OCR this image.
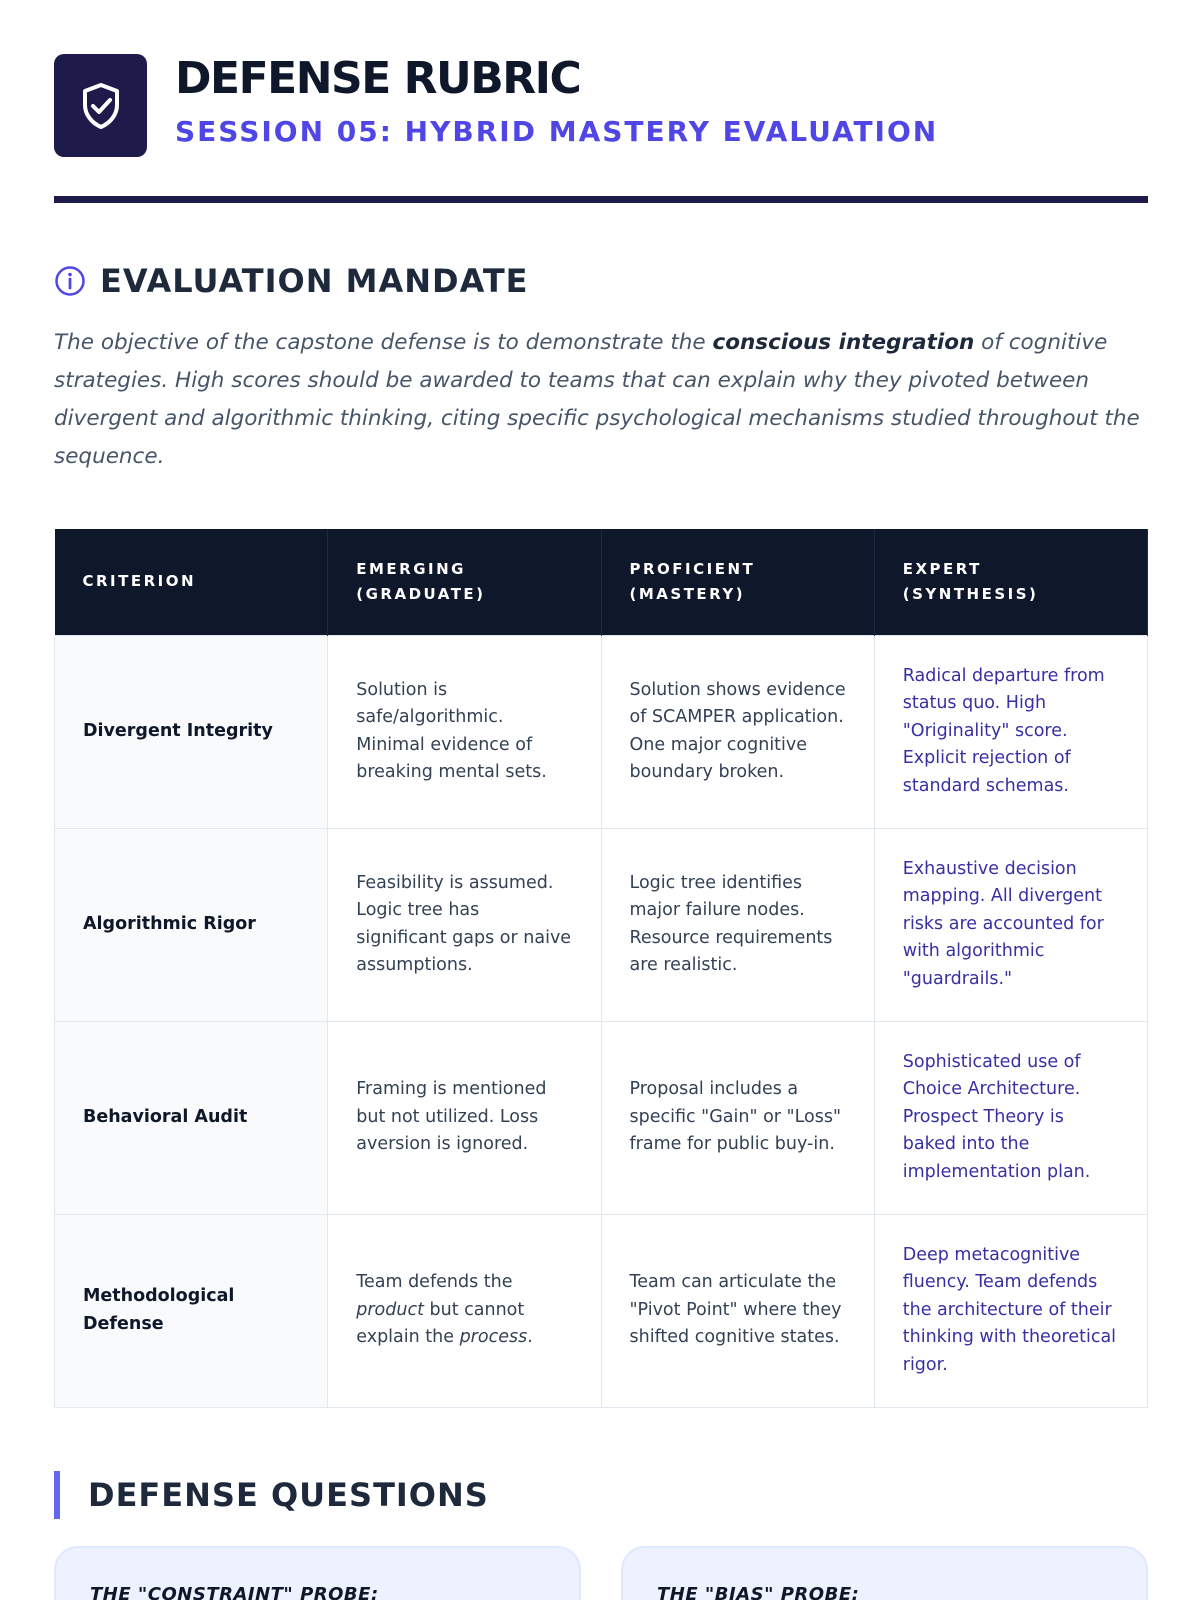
DEFENSE RUBRIC
SESSION 05: HYBRID MASTERY EVALUATION
EVALUATION MANDATE

The objective of the capstone defense is to demonstrate the conscious integration of cognitive strategies. High scores should be awarded to teams that can explain why they pivoted between divergent and algorithmic thinking, citing specific psychological mechanisms studied throughout the sequence.

CRITERION	EMERGING (GRADUATE)	PROFICIENT (MASTERY)	EXPERT (SYNTHESIS)
Divergent Integrity	Solution is safe/algorithmic. Minimal evidence of breaking mental sets.	Solution shows evidence of SCAMPER application. One major cognitive boundary broken.	Radical departure from status quo. High "Originality" score. Explicit rejection of standard schemas.
Algorithmic Rigor	Feasibility is assumed. Logic tree has significant gaps or naive assumptions.	Logic tree identifies major failure nodes. Resource requirements are realistic.	Exhaustive decision mapping. All divergent risks are accounted for with algorithmic "guardrails."
Behavioral Audit	Framing is mentioned but not utilized. Loss aversion is ignored.	Proposal includes a specific "Gain" or "Loss" frame for public buy-in.	Sophisticated use of Choice Architecture. Prospect Theory is baked into the implementation plan.
Methodological Defense	Team defends the product but cannot explain the process.	Team can articulate the "Pivot Point" where they shifted cognitive states.	Deep metacognitive fluency. Team defends the architecture of their thinking with theoretical rigor.
DEFENSE QUESTIONS
THE "CONSTRAINT" PROBE:	THE "BIAS" PROBE:
